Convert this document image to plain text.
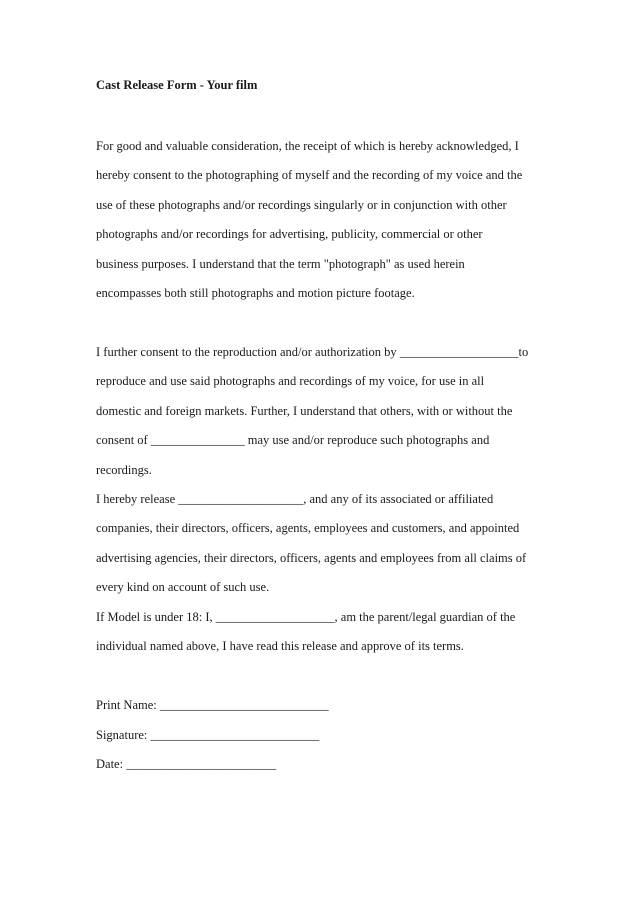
Cast Release Form - Your film
For good and valuable consideration, the receipt of which is hereby acknowledged, I
hereby consent to the photographing of myself and the recording of my voice and the
use of these photographs and/or recordings singularly or in conjunction with other
photographs and/or recordings for advertising, publicity, commercial or other
business purposes. I understand that the term "photograph" as used herein
encompasses both still photographs and motion picture footage.
I further consent to the reproduction and/or authorization by ___________________to
reproduce and use said photographs and recordings of my voice, for use in all
domestic and foreign markets. Further, I understand that others, with or without the
consent of _______________ may use and/or reproduce such photographs and
recordings.
I hereby release ____________________, and any of its associated or affiliated
companies, their directors, officers, agents, employees and customers, and appointed
advertising agencies, their directors, officers, agents and employees from all claims of
every kind on account of such use.
If Model is under 18: I, ___________________, am the parent/legal guardian of the
individual named above, I have read this release and approve of its terms.
Print Name: ___________________________
Signature: ___________________________
Date: ________________________
